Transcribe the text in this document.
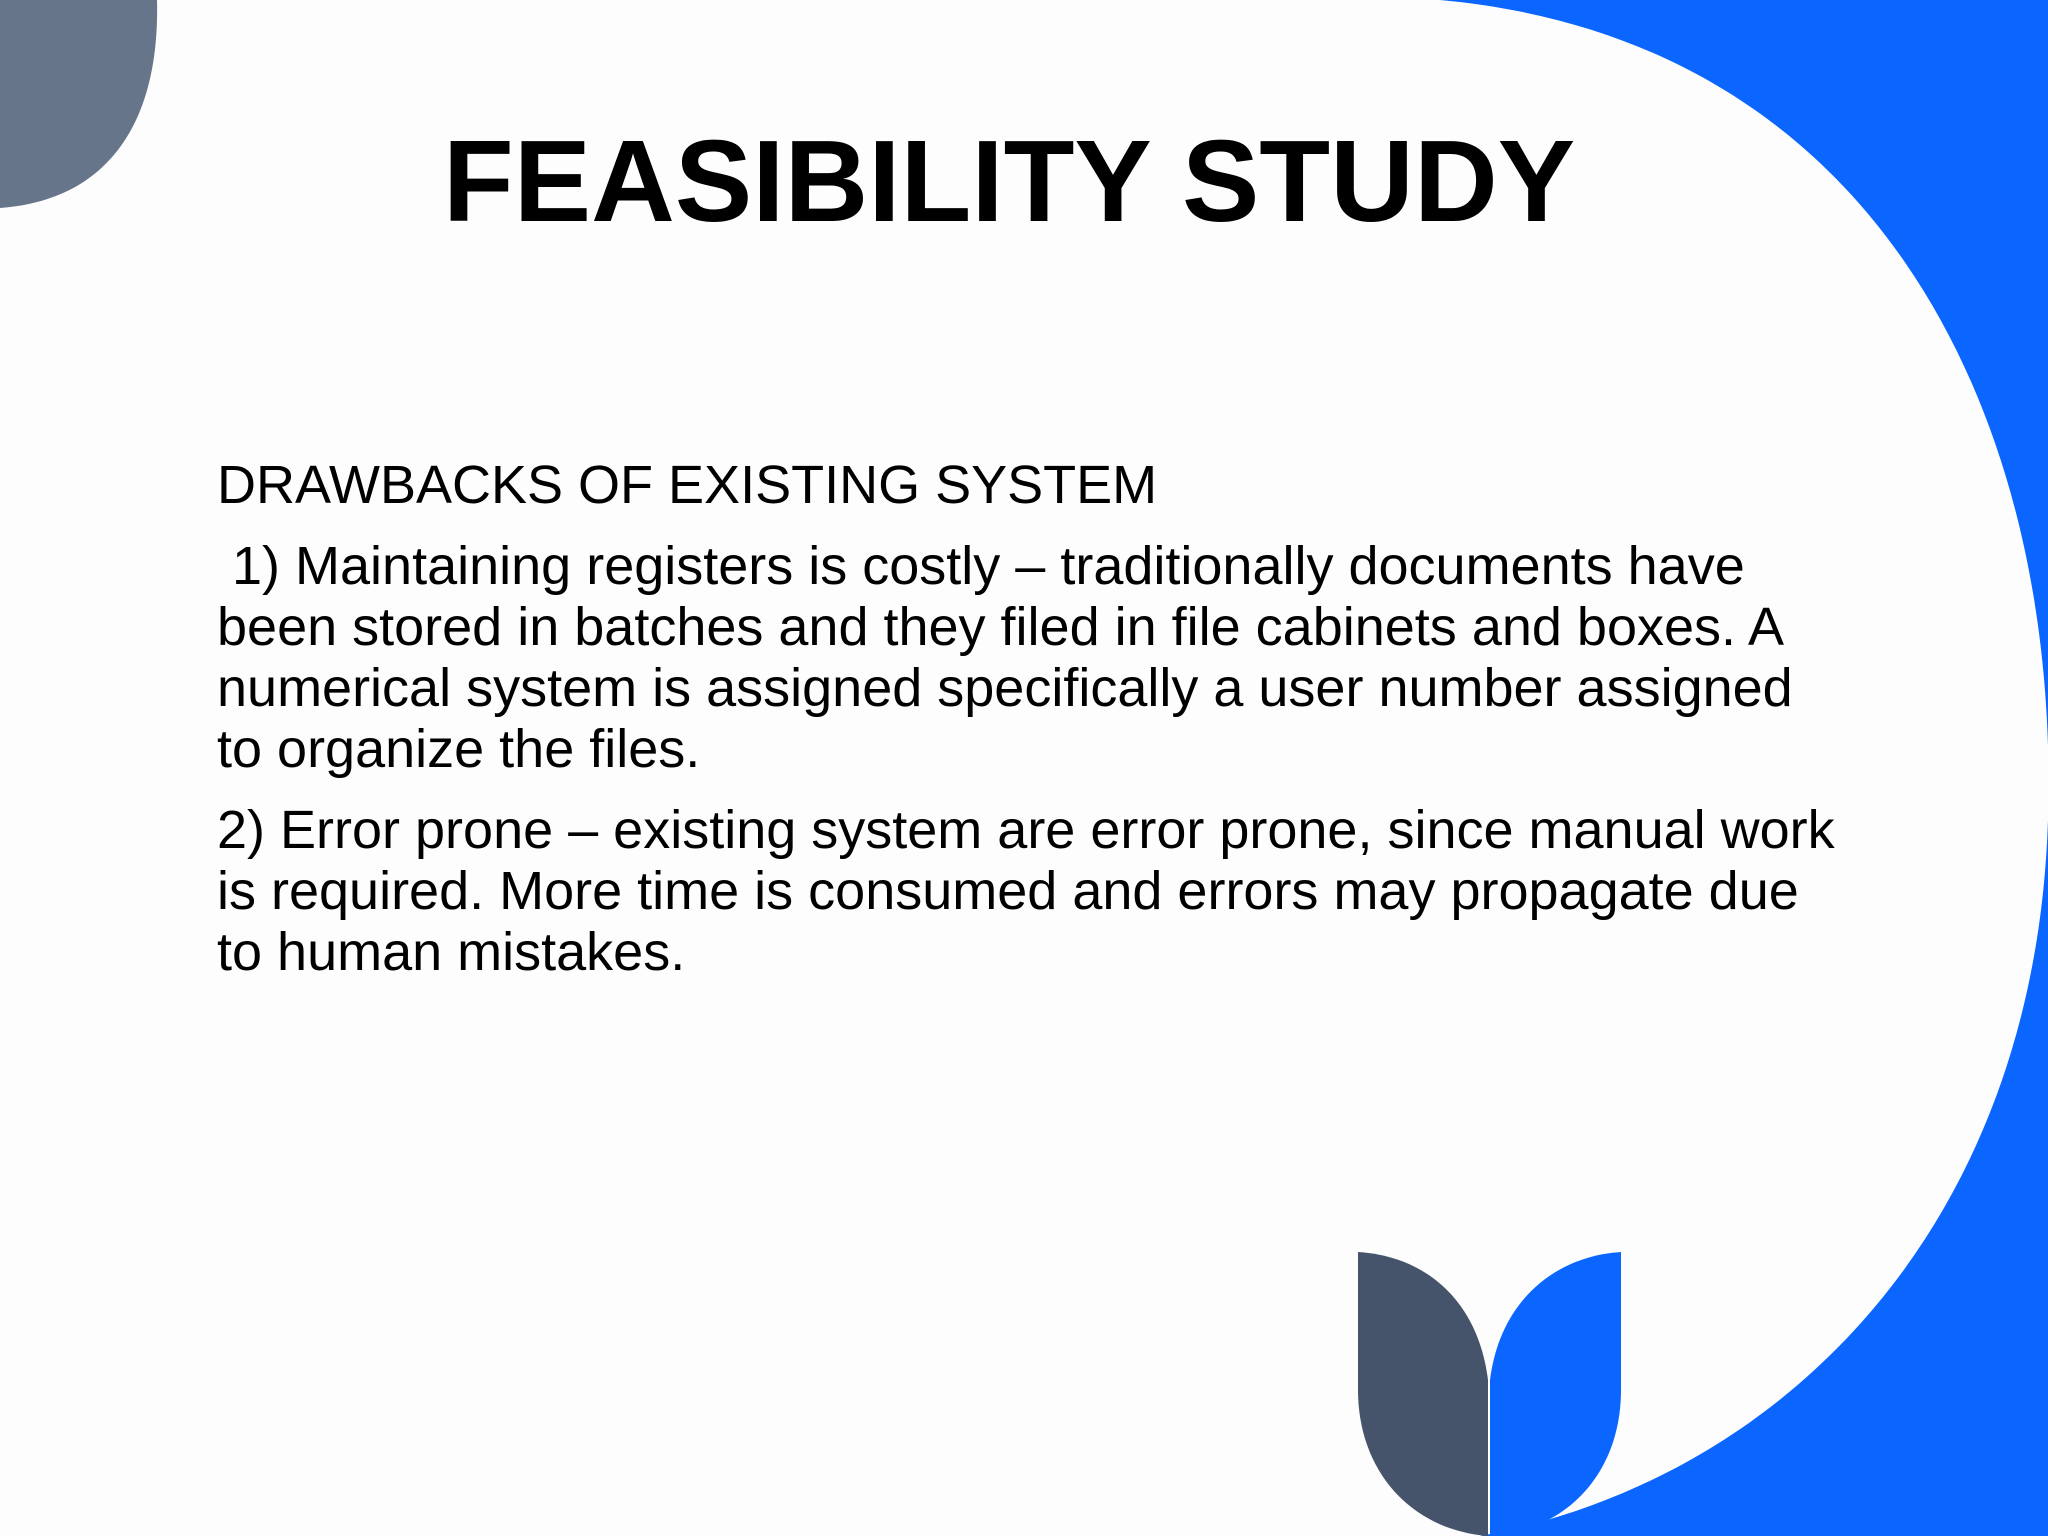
FEASIBILITY STUDY

DRAWBACKS OF EXISTING SYSTEM

1) Maintaining registers is costly – traditionally documents have been stored in batches and they filed in file cabinets and boxes. A numerical system is assigned specifically a user number assigned to organize the files.

2) Error prone – existing system are error prone, since manual work is required. More time is consumed and errors may propagate due to human mistakes.
